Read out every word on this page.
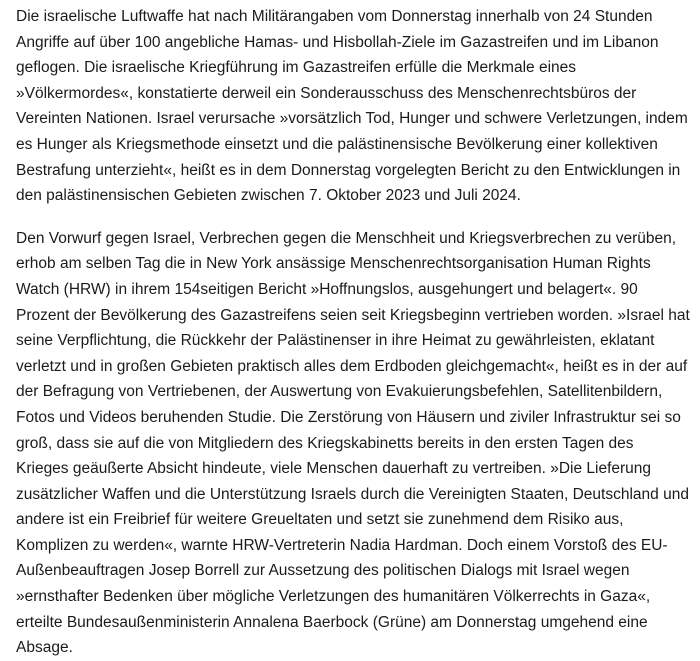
Die israelische Luftwaffe hat nach Militärangaben vom Donnerstag innerhalb von 24 Stunden Angriffe auf über 100 angebliche Hamas- und Hisbollah-Ziele im Gazastreifen und im Libanon geflogen. Die israelische Kriegführung im Gazastreifen erfülle die Merkmale eines »Völkermordes«, konstatierte derweil ein Sonderausschuss des Menschenrechtsbüros der Vereinten Nationen. Israel verursache »vorsätzlich Tod, Hunger und schwere Verletzungen, indem es Hunger als Kriegsmethode einsetzt und die palästinensische Bevölkerung einer kollektiven Bestrafung unterzieht«, heißt es in dem Donnerstag vorgelegten Bericht zu den Entwicklungen in den palästinensischen Gebieten zwischen 7. Oktober 2023 und Juli 2024.

Den Vorwurf gegen Israel, Verbrechen gegen die Menschheit und Kriegsverbrechen zu verüben, erhob am selben Tag die in New York ansässige Menschenrechtsorganisation Human Rights Watch (HRW) in ihrem 154seitigen Bericht »Hoffnungslos, ausgehungert und belagert«. 90 Prozent der Bevölkerung des Gazastreifens seien seit Kriegsbeginn vertrieben worden. »Israel hat seine Verpflichtung, die Rückkehr der Palästinenser in ihre Heimat zu gewährleisten, eklatant verletzt und in großen Gebieten praktisch alles dem Erdboden gleichgemacht«, heißt es in der auf der Befragung von Vertriebenen, der Auswertung von Evakuierungsbefehlen, Satellitenbildern, Fotos und Videos beruhenden Studie. Die Zerstörung von Häusern und ziviler Infrastruktur sei so groß, dass sie auf die von Mitgliedern des Kriegskabinetts bereits in den ersten Tagen des Krieges geäußerte Absicht hindeute, viele Menschen dauerhaft zu vertreiben. »Die Lieferung zusätzlicher Waffen und die Unterstützung Israels durch die Vereinigten Staaten, Deutschland und andere ist ein Freibrief für weitere Greueltaten und setzt sie zunehmend dem Risiko aus, Komplizen zu werden«, warnte HRW-Vertreterin Nadia Hardman. Doch einem Vorstoß des EU-Außenbeauftragen Josep Borrell zur Aussetzung des politischen Dialogs mit Israel wegen »ernsthafter Bedenken über mögliche Verletzungen des humanitären Völkerrechts in Gaza«, erteilte Bundesaußenministerin Annalena Baerbock (Grüne) am Donnerstag umgehend eine Absage.
